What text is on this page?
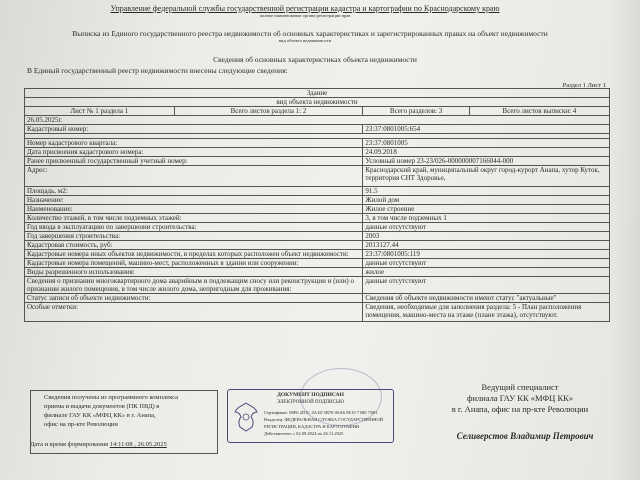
Управление федеральной службы государственной регистрации кадастра и картографии по Краснодарскому краю
полное наименование органа регистрации прав
Выписка из Единого государственного реестра недвижимости об основных характеристиках и зарегистрированных правах на объект недвижимости
вид объекта недвижимости
Сведения об основных характеристиках объекта недвижимости
В Единый государственный реестр недвижимости внесены следующие сведения:
Раздел 1 Лист 1
Здание			
вид объекта недвижимости			
Лист № 1 раздела 1	Всего листов раздела 1: 2	Всего разделов: 3	Всего листов выписки: 4
26.05.2025г.			
Кадастровый номер:		23:37:0801005:654	

Номер кадастрового квартала:		23:37:0801005	
Дата присвоения кадастрового номера:		24.09.2018	
Ранее присвоенный государственный учетный номер:		Условный номер 23-23/026-000000007166044-000	
Адрес:		Краснодарский край, муниципальный округ город-курорт Анапа, хутор Куток, территория СНТ Здоровье,	
Площадь, м2:		91.5	
Назначение:		Жилой дом	
Наименование:		Жилое строение	
Количество этажей, в том числе подземных этажей:		3, в том числе подземных 1	
Год ввода в эксплуатацию по завершении строительства:		данные отсутствуют	
Год завершения строительства:		2003	
Кадастровая стоимость, руб:		2013127.44	
Кадастровые номера иных объектов недвижимости, в пределах которых расположен объект недвижимости:		23:37:0801005:119	
Кадастровые номера помещений, машино-мест, расположенных в здании или сооружении:		данные отсутствуют	
Виды разрешенного использования:		жилое	
Сведения о признании многоквартирного дома аварийным и подлежащим сносу или реконструкции и (или) о признании жилого помещения, в том числе жилого дома, непригодным для проживания:		данные отсутствуют	
Статус записи об объекте недвижимости:		Сведения об объекте недвижимости имеют статус "актуальные"	
Особые отметки:		Сведения, необходимые для заполнения раздела: 5 - План расположения помещения, машино-места на этаже (плане этажа), отсутствуют.	
Сведения получены из программного комплекса
приема и выдачи документов (ПК ПВД) в
филиале ГАУ КК «МФЦ КК» в г. Анапа,
офис на пр-кте Революции
Дата и время формирования 14:11:08 , 26.05.2025
ДОКУМЕНТ ПОДПИСАН
ЭЛЕКТРОННОЙ ПОДПИСЬЮ
Сертификат: 00F6 2D1C 4A1D 5B7E 06A6 0E19 71B0 75B1
Владелец: ФЕДЕРАЛЬНАЯ СЛУЖБА ГОСУДАРСТВЕННОЙ
РЕГИСТРАЦИИ, КАДАСТРА И КАРТОГРАФИИ
Действителен: с 02.09.2024 по 26.11.2025
Ведущий специалист
филиала ГАУ КК «МФЦ КК»
в г. Анапа, офис на пр-кте Революции
Селиверстов Владимир Петрович
